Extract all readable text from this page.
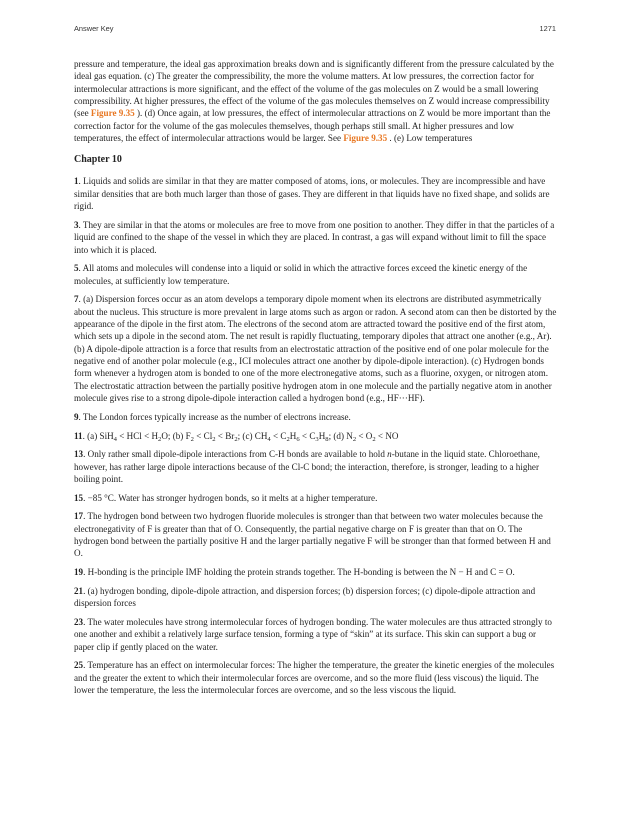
Answer Key	1271

pressure and temperature, the ideal gas approximation breaks down and is significantly different from the pressure calculated by the ideal gas equation. (c) The greater the compressibility, the more the volume matters. At low pressures, the correction factor for intermolecular attractions is more significant, and the effect of the volume of the gas molecules on Z would be a small lowering compressibility. At higher pressures, the effect of the volume of the gas molecules themselves on Z would increase compressibility (see Figure 9.35 ). (d) Once again, at low pressures, the effect of intermolecular attractions on Z would be more important than the correction factor for the volume of the gas molecules themselves, though perhaps still small. At higher pressures and low temperatures, the effect of intermolecular attractions would be larger. See Figure 9.35 . (e) Low temperatures

Chapter 10

1. Liquids and solids are similar in that they are matter composed of atoms, ions, or molecules. They are incompressible and have similar densities that are both much larger than those of gases. They are different in that liquids have no fixed shape, and solids are rigid.

3. They are similar in that the atoms or molecules are free to move from one position to another. They differ in that the particles of a liquid are confined to the shape of the vessel in which they are placed. In contrast, a gas will expand without limit to fill the space into which it is placed.

5. All atoms and molecules will condense into a liquid or solid in which the attractive forces exceed the kinetic energy of the molecules, at sufficiently low temperature.

7. (a) Dispersion forces occur as an atom develops a temporary dipole moment when its electrons are distributed asymmetrically about the nucleus. This structure is more prevalent in large atoms such as argon or radon. A second atom can then be distorted by the appearance of the dipole in the first atom. The electrons of the second atom are attracted toward the positive end of the first atom, which sets up a dipole in the second atom. The net result is rapidly fluctuating, temporary dipoles that attract one another (e.g., Ar). (b) A dipole-dipole attraction is a force that results from an electrostatic attraction of the positive end of one polar molecule for the negative end of another polar molecule (e.g., ICI molecules attract one another by dipole-dipole interaction). (c) Hydrogen bonds form whenever a hydrogen atom is bonded to one of the more electronegative atoms, such as a fluorine, oxygen, or nitrogen atom. The electrostatic attraction between the partially positive hydrogen atom in one molecule and the partially negative atom in another molecule gives rise to a strong dipole-dipole interaction called a hydrogen bond (e.g., HF···HF).

9. The London forces typically increase as the number of electrons increase.

11. (a) SiH$_4$ < HCl < $H_2O$; (b) $F_2 < Cl_2 < Br_2$; (c) $CH_4 < C_2H_6 < C_3H_8$; (d) $N_2 < O_2$ < NO

13. Only rather small dipole-dipole interactions from C-H bonds are available to hold n-butane in the liquid state. Chloroethane, however, has rather large dipole interactions because of the Cl-C bond; the interaction, therefore, is stronger, leading to a higher boiling point.

15. −85 °C. Water has stronger hydrogen bonds, so it melts at a higher temperature.

17. The hydrogen bond between two hydrogen fluoride molecules is stronger than that between two water molecules because the electronegativity of F is greater than that of O. Consequently, the partial negative charge on F is greater than that on O. The hydrogen bond between the partially positive H and the larger partially negative F will be stronger than that formed between H and O.

19. H-bonding is the principle IMF holding the protein strands together. The H-bonding is between the N − H and C = O.

21. (a) hydrogen bonding, dipole-dipole attraction, and dispersion forces; (b) dispersion forces; (c) dipole-dipole attraction and dispersion forces

23. The water molecules have strong intermolecular forces of hydrogen bonding. The water molecules are thus attracted strongly to one another and exhibit a relatively large surface tension, forming a type of “skin” at its surface. This skin can support a bug or paper clip if gently placed on the water.

25. Temperature has an effect on intermolecular forces: The higher the temperature, the greater the kinetic energies of the molecules and the greater the extent to which their intermolecular forces are overcome, and so the more fluid (less viscous) the liquid. The lower the temperature, the less the intermolecular forces are overcome, and so the less viscous the liquid.
